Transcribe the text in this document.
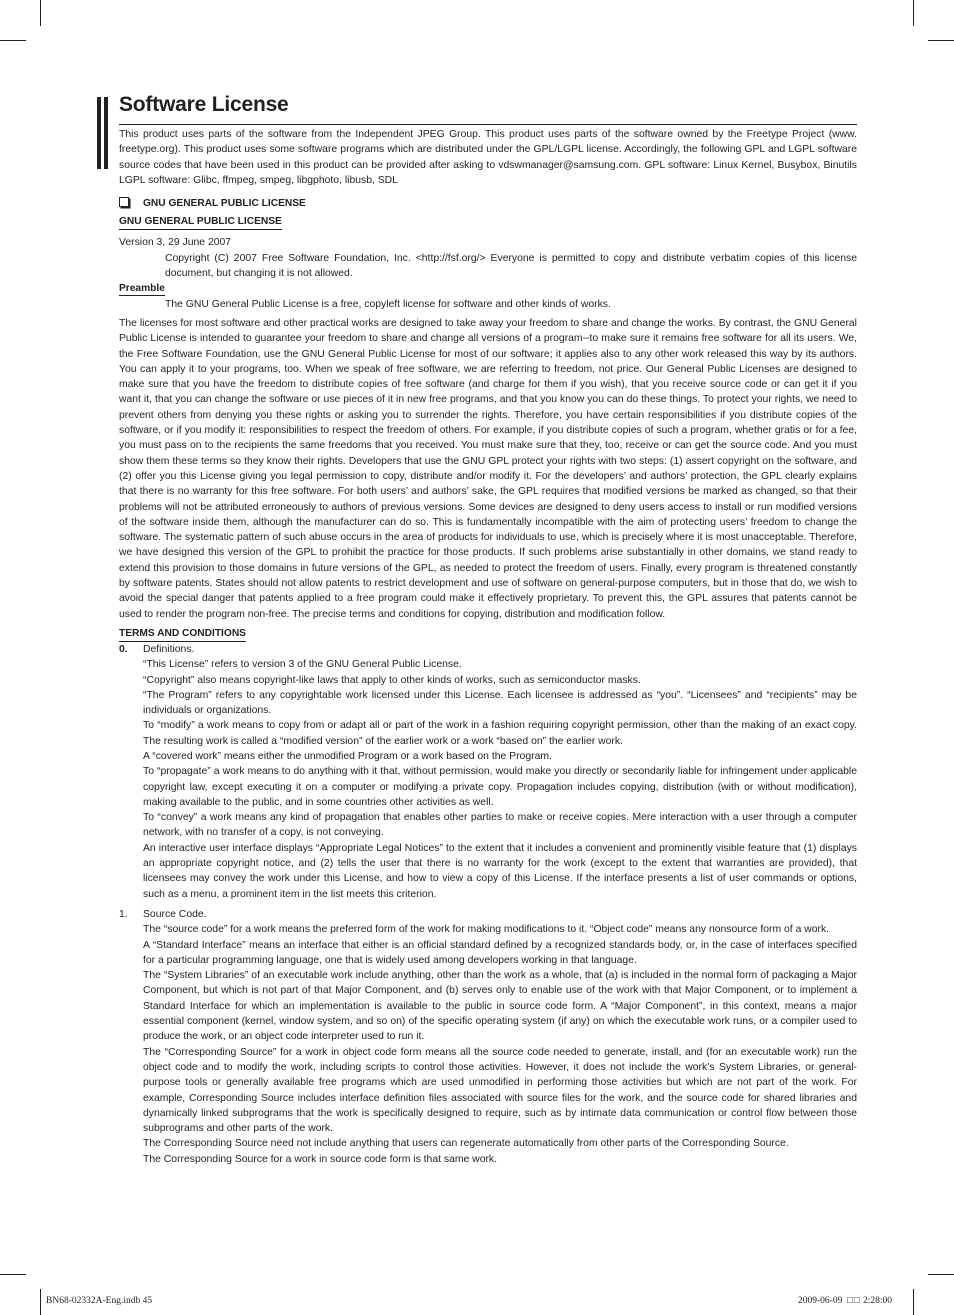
Software License

This product uses parts of the software from the Independent JPEG Group. This product uses parts of the software owned by the Freetype Project (www. freetype.org). This product uses some software programs which are distributed under the GPL/LGPL license. Accordingly, the following GPL and LGPL software source codes that have been used in this product can be provided after asking to vdswmanager@samsung.com. GPL software: Linux Kernel, Busybox, Binutils LGPL software: Glibc, ffmpeg, smpeg, libgphoto, libusb, SDL

GNU GENERAL PUBLIC LICENSE
GNU GENERAL PUBLIC LICENSE

Version 3, 29 June 2007

Copyright (C) 2007 Free Software Foundation, Inc. <http://fsf.org/> Everyone is permitted to copy and distribute verbatim copies of this license document, but changing it is not allowed.

Preamble

The GNU General Public License is a free, copyleft license for software and other kinds of works.

The licenses for most software and other practical works are designed to take away your freedom to share and change the works. By contrast, the GNU General Public License is intended to guarantee your freedom to share and change all versions of a program--to make sure it remains free software for all its users. We, the Free Software Foundation, use the GNU General Public License for most of our software; it applies also to any other work released this way by its authors. You can apply it to your programs, too. When we speak of free software, we are referring to freedom, not price. Our General Public Licenses are designed to make sure that you have the freedom to distribute copies of free software (and charge for them if you wish), that you receive source code or can get it if you want it, that you can change the software or use pieces of it in new free programs, and that you know you can do these things. To protect your rights, we need to prevent others from denying you these rights or asking you to surrender the rights. Therefore, you have certain responsibilities if you distribute copies of the software, or if you modify it: responsibilities to respect the freedom of others. For example, if you distribute copies of such a program, whether gratis or for a fee, you must pass on to the recipients the same freedoms that you received. You must make sure that they, too, receive or can get the source code. And you must show them these terms so they know their rights. Developers that use the GNU GPL protect your rights with two steps: (1) assert copyright on the software, and (2) offer you this License giving you legal permission to copy, distribute and/or modify it. For the developers’ and authors’ protection, the GPL clearly explains that there is no warranty for this free software. For both users’ and authors’ sake, the GPL requires that modified versions be marked as changed, so that their problems will not be attributed erroneously to authors of previous versions. Some devices are designed to deny users access to install or run modified versions of the software inside them, although the manufacturer can do so. This is fundamentally incompatible with the aim of protecting users’ freedom to change the software. The systematic pattern of such abuse occurs in the area of products for individuals to use, which is precisely where it is most unacceptable. Therefore, we have designed this version of the GPL to prohibit the practice for those products. If such problems arise substantially in other domains, we stand ready to extend this provision to those domains in future versions of the GPL, as needed to protect the freedom of users. Finally, every program is threatened constantly by software patents. States should not allow patents to restrict development and use of software on general-purpose computers, but in those that do, we wish to avoid the special danger that patents applied to a free program could make it effectively proprietary. To prevent this, the GPL assures that patents cannot be used to render the program non-free. The precise terms and conditions for copying, distribution and modification follow.

TERMS AND CONDITIONS
0. Definitions.

“This License” refers to version 3 of the GNU General Public License.

“Copyright” also means copyright-like laws that apply to other kinds of works, such as semiconductor masks.

“The Program” refers to any copyrightable work licensed under this License. Each licensee is addressed as “you”. “Licensees” and “recipients” may be individuals or organizations.

To “modify” a work means to copy from or adapt all or part of the work in a fashion requiring copyright permission, other than the making of an exact copy. The resulting work is called a “modified version” of the earlier work or a work “based on” the earlier work.

A “covered work” means either the unmodified Program or a work based on the Program.

To “propagate” a work means to do anything with it that, without permission, would make you directly or secondarily liable for infringement under applicable copyright law, except executing it on a computer or modifying a private copy. Propagation includes copying, distribution (with or without modification), making available to the public, and in some countries other activities as well.

To “convey” a work means any kind of propagation that enables other parties to make or receive copies. Mere interaction with a user through a computer network, with no transfer of a copy, is not conveying.

An interactive user interface displays “Appropriate Legal Notices” to the extent that it includes a convenient and prominently visible feature that (1) displays an appropriate copyright notice, and (2) tells the user that there is no warranty for the work (except to the extent that warranties are provided), that licensees may convey the work under this License, and how to view a copy of this License. If the interface presents a list of user commands or options, such as a menu, a prominent item in the list meets this criterion.

1. Source Code.

The “source code” for a work means the preferred form of the work for making modifications to it. “Object code” means any nonsource form of a work.

A “Standard Interface” means an interface that either is an official standard defined by a recognized standards body, or, in the case of interfaces specified for a particular programming language, one that is widely used among developers working in that language.

The “System Libraries” of an executable work include anything, other than the work as a whole, that (a) is included in the normal form of packaging a Major Component, but which is not part of that Major Component, and (b) serves only to enable use of the work with that Major Component, or to implement a Standard Interface for which an implementation is available to the public in source code form. A “Major Component”, in this context, means a major essential component (kernel, window system, and so on) of the specific operating system (if any) on which the executable work runs, or a compiler used to produce the work, or an object code interpreter used to run it.

The “Corresponding Source” for a work in object code form means all the source code needed to generate, install, and (for an executable work) run the object code and to modify the work, including scripts to control those activities. However, it does not include the work’s System Libraries, or general-purpose tools or generally available free programs which are used unmodified in performing those activities but which are not part of the work. For example, Corresponding Source includes interface definition files associated with source files for the work, and the source code for shared libraries and dynamically linked subprograms that the work is specifically designed to require, such as by intimate data communication or control flow between those subprograms and other parts of the work.

The Corresponding Source need not include anything that users can regenerate automatically from other parts of the Corresponding Source.

The Corresponding Source for a work in source code form is that same work.

BN68-02332A-Eng.indb 45	2009-06-09 □□ 2:28:00
